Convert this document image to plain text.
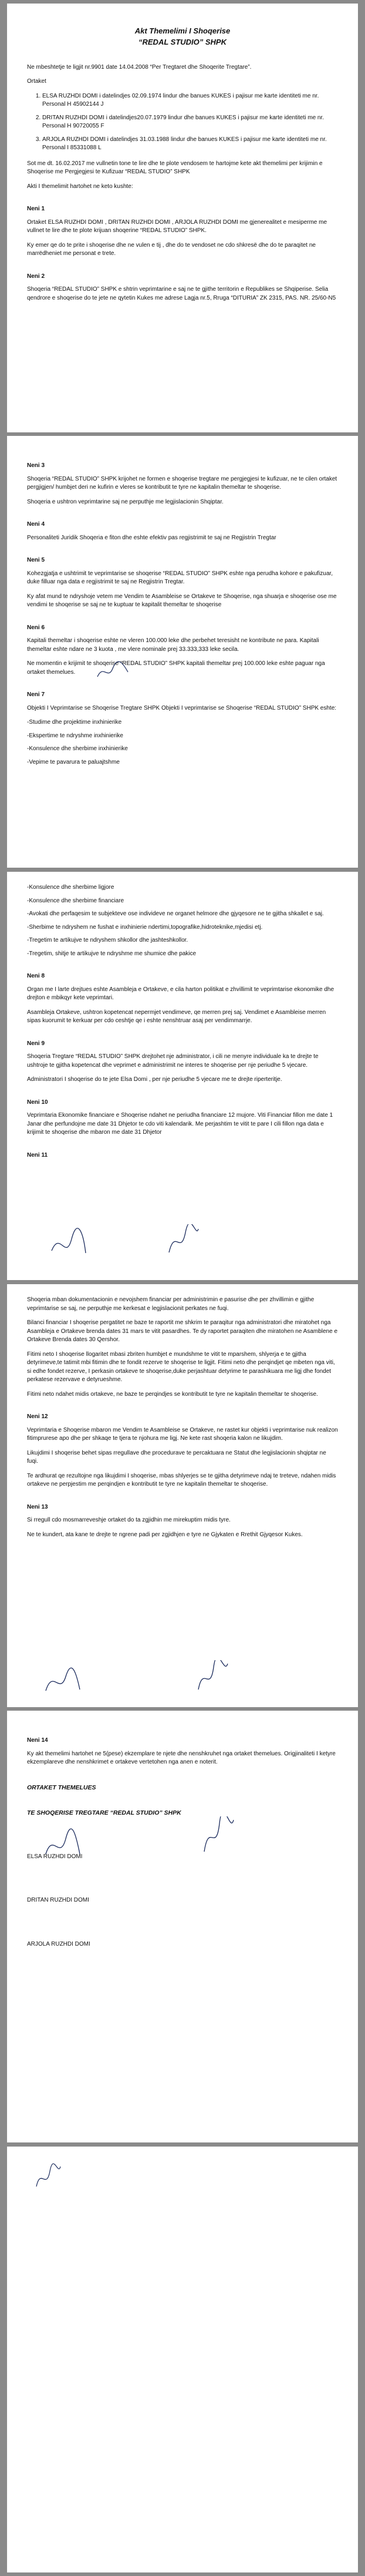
Akt Themelimi I Shoqerise
“REDAL STUDIO” SHPK

Ne mbeshtetje te ligjit nr.9901 date 14.04.2008 “Per Tregtaret dhe Shoqerite Tregtare”.

Ortaket

1. ELSA RUZHDI DOMI i datelindjes 02.09.1974 lindur dhe banues KUKES i pajisur me karte identiteti me nr. Personal H 45902144 J
2. DRITAN RUZHDI DOMI i datelindjes20.07.1979 lindur dhe banues KUKES i pajisur me karte identiteti me nr. Personal H 90720055 F
3. ARJOLA RUZHDI DOMI i datelindjes 31.03.1988 lindur dhe banues KUKES i pajisur me karte identiteti me nr. Personal I 85331088 L

Sot me dt. 16.02.2017 me vullnetin tone te lire dhe te plote vendosem te hartojme kete akt themelimi per krijimin e Shoqerise me Pergjegjesi te Kufizuar “REDAL STUDIO” SHPK

Akti I themelimit hartohet ne keto kushte:

Neni 1

Ortaket ELSA RUZHDI DOMI , DRITAN RUZHDI DOMI , ARJOLA RUZHDI DOMI me gjenerealitet e mesiperme me vullnet te lire dhe te plote krijuan shoqerine “REDAL STUDIO” SHPK.

Ky emer qe do te prite i shoqerise dhe ne vulen e tij , dhe do te vendoset ne cdo shkresë dhe do te paraqitet ne marrëdheniet me personat e trete.

Neni 2

Shoqeria “REDAL STUDIO” SHPK e shtrin veprimtarine e saj ne te gjithe territorin e Republikes se Shqiperise. Selia qendrore e shoqerise do te jete ne qytetin Kukes me adrese Lagja nr.5, Rruga “DITURIA” ZK 2315, PAS. NR. 25/60-N5

Neni 3

Shoqeria “REDAL STUDIO” SHPK krijohet ne formen e shoqerise tregtare me pergjegjesi te kufizuar, ne te cilen ortaket pergjigjen/ humbjet deri ne kufirin e vleres se kontributit te tyre ne kapitalin themeltar te shoqerise.

Shoqeria e ushtron veprimtarine saj ne perputhje me legjislacionin Shqiptar.

Neni 4

Personaliteti Juridik Shoqeria e fiton dhe eshte efektiv pas regjistrimit te saj ne Regjistrin Tregtar

Neni 5

Kohezgjatja e ushtrimit te veprimtarise se shoqerise “REDAL STUDIO” SHPK eshte nga perudha kohore e pakufizuar, duke filluar nga data e regjistrimit te saj ne Regjistrin Tregtar.

Ky afat mund te ndryshoje vetem me Vendim te Asambleise se Ortakeve te Shoqerise, nga shuarja e shoqerise ose me vendimi te shoqerise se saj ne te kuptuar te kapitalit themeltar te shoqerise

Neni 6

Kapitali themeltar i shoqerise eshte ne vleren 100.000 leke dhe perbehet teresisht ne kontribute ne para. Kapitali themeltar eshte ndare ne 3 kuota , me vlere nominale prej 33.333,333 leke secila.

Ne momentin e krijimit te shoqerise “REDAL STUDIO” SHPK kapitali themeltar prej 100.000 leke eshte paguar nga ortaket themelues.

Neni 7

Objekti I Veprimtarise se Shoqerise Tregtare SHPK Objekti I veprimtarise se Shoqerise “REDAL STUDIO” SHPK eshte:

- Studime dhe projektime inxhinierike
- Ekspertime te ndryshme inxhinierike
- Konsulence dhe sherbime inxhinierike
- Vepime te pavarura te paluajtshme
- Konsulence dhe sherbime ligjore
- Konsulence dhe sherbime financiare
- Avokati dhe perfaqesim te subjekteve ose individeve ne organet helmore dhe gjyqesore ne te gjitha shkallet e saj.
- Sherbime te ndryshem ne fushat e inxhinierie ndertimi,topografike,hidroteknike,mjedisi etj.
- Tregetim te artikujve te ndryshem shkollor dhe jashteshkollor.
- Tregetim, shitje te artikujve te ndryshme me shumice dhe pakice

Neni 8

Organ me I larte drejtues eshte Asambleja e Ortakeve, e cila harton politikat e zhvillimit te veprimtarise ekonomike dhe drejton e mbikqyr kete veprimtari.

Asambleja Ortakeve, ushtron kopetencat nepermjet vendimeve, qe merren prej saj. Vendimet e Asambleise merren sipas kuorumit te kerkuar per cdo ceshtje qe i eshte nenshtruar asaj per vendimmarrje.

Neni 9

Shoqeria Tregtare “REDAL STUDIO” SHPK drejtohet nje administrator, i cili ne menyre individuale ka te drejte te ushtroje te gjitha kopetencat dhe veprimet e administrimit ne interes te shoqerise per nje periudhe 5 vjecare.

Administratori I shoqerise do te jete Elsa Domi , per nje periudhe 5 vjecare me te drejte riperteritje.

Neni 10

Veprimtaria Ekonomike financiare e Shoqerise ndahet ne periudha financiare 12 mujore. Viti Financiar fillon me date 1 Janar dhe perfundojne me date 31 Dhjetor te cdo viti kalendarik. Me perjashtim te vitit te pare I cili fillon nga data e krijimit te shoqerise dhe mbaron me date 31 Dhjetor

Neni 11

Shoqeria mban dokumentacionin e nevojshem financiar per administrimin e pasurise dhe per zhvillimin e gjithe veprimtarise se saj, ne perputhje me kerkesat e legjislacionit perkates ne fuqi.

Bilanci financiar I shoqerise pergatitet ne baze te raportit me shkrim te paraqitur nga administratori dhe miratohet nga Asambleja e Ortakeve brenda dates 31 mars te vitit pasardhes. Te dy raportet paraqiten dhe miratohen ne Asamblene e Ortakeve Brenda dates 30 Qershor.

Fitimi neto I shoqerise llogaritet mbasi zbriten humbjet e mundshme te vitit te mparshem, shlyerja e te gjitha detyrimeve,te tatimit mbi fitimin dhe te fondit rezerve te shoqerise te ligjit. Fitimi neto dhe perqindjet qe mbeten nga viti, si edhe fondet rezerve, I perkasin ortakeve te shoqerise,duke perjashtuar detyrime te parashikuara me ligj dhe fondet perkatese rezervave e detyrueshme.

Fitimi neto ndahet midis ortakeve, ne baze te perqindjes se kontributit te tyre ne kapitalin themeltar te shoqerise.

Neni 12

Veprimtaria e Shoqerise mbaron me Vendim te Asambleise se Ortakeve, ne rastet kur objekti i veprimtarise nuk realizon fitimprurese apo dhe per shkaqe te tjera te njohura me ligj. Ne kete rast shoqeria kalon ne likujdim.

Likujdimi I shoqerise behet sipas rregullave dhe procedurave te percaktuara ne Statut dhe legjislacionin shqiptar ne fuqi.

Te ardhurat qe rezultojne nga likujdimi I shoqerise, mbas shlyerjes se te gjitha detyrimeve ndaj te treteve, ndahen midis ortakeve ne perpjestim me perqindjen e kontributit te tyre ne kapitalin themeltar te shoqerise.

Neni 13

Si rregull cdo mosmarreveshje ortaket do ta zgjidhin me mirekuptim midis tyre.

Ne te kundert, ata kane te drejte te ngrene padi per zgjidhjen e tyre ne Gjykaten e Rrethit Gjyqesor Kukes.

Neni 14

Ky akt themelimi hartohet ne 5(pese) ekzemplare te njete dhe nenshkruhet nga ortaket themelues. Origjinaliteti I ketyre ekzemplareve dhe nenshkrimet e ortakeve vertetohen nga anen e noterit.

ORTAKET THEMELUES

TE SHOQERISE TREGTARE “REDAL STUDIO” SHPK

ELSA RUZHDI DOMI

DRITAN RUZHDI DOMI

ARJOLA RUZHDI DOMI
